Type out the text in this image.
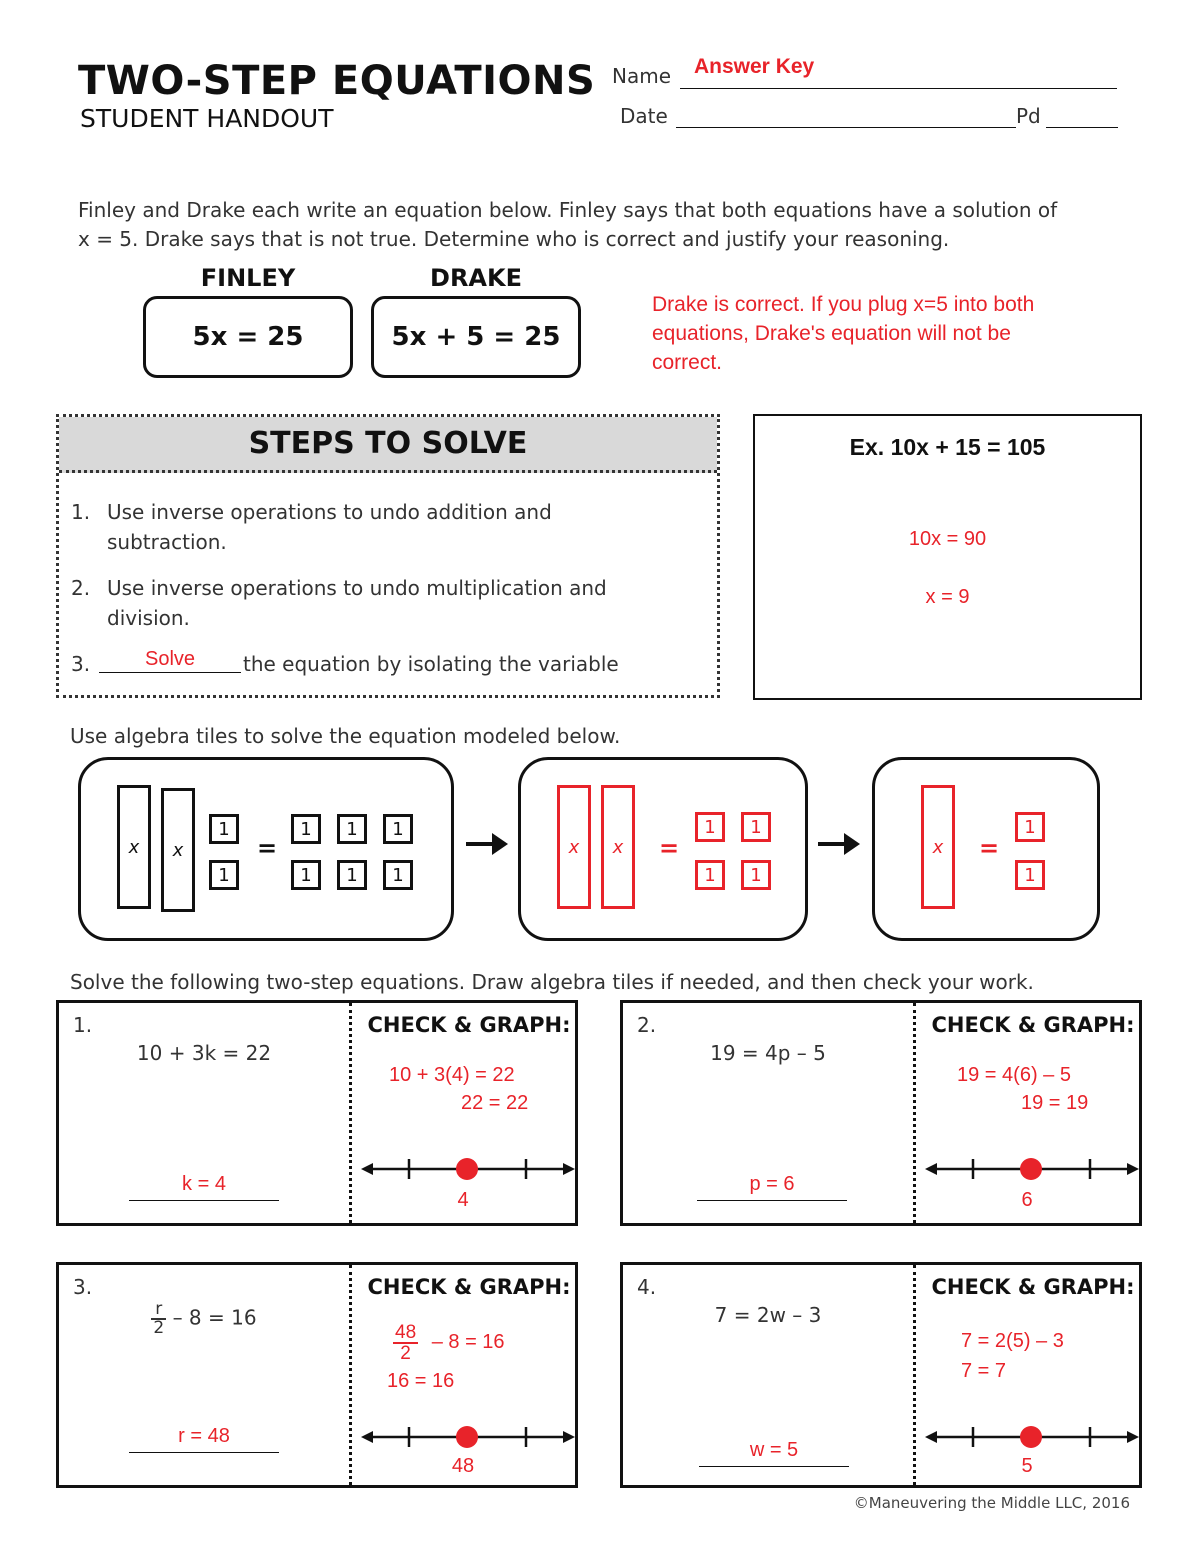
TWO-STEP EQUATIONS
STUDENT HANDOUT
Name Answer Key
Date	Pd
Finley and Drake each write an equation below. Finley says that both equations have a solution of
x = 5. Drake says that is not true. Determine who is correct and justify your reasoning.
FINLEY
5x = 25
DRAKE
5x + 5 = 25
Drake is correct. If you plug x=5 into both
equations, Drake's equation will not be
correct.
STEPS TO SOLVE
1. Use inverse operations to undo addition and
subtraction.
2. Use inverse operations to undo multiplication and
division.
3.	Solve	the equation by isolating the variable
Ex. 10x + 15 = 105
10x = 90
x = 9
Use algebra tiles to solve the equation modeled below.
x x
1
1
=
1 1 1
1 1 1
x x =
1 1
1 1
x =
1
1
Solve the following two-step equations. Draw algebra tiles if needed, and then check your work.
1.
10 + 3k = 22
k = 4
CHECK & GRAPH:
10 + 3(4) = 22
22 = 22
4
2.
19 = 4p – 5
p = 6
CHECK & GRAPH:
19 = 4(6) – 5
19 = 19
6
3.
$\frac{r}{2} - 8 = 16$
r = 48
CHECK & GRAPH:
$\frac{48}{2} - 8 = 16$
16 = 16
48
4.
7 = 2w – 3
w = 5
CHECK & GRAPH:
7 = 2(5) – 3
7 = 7
5
©Maneuvering the Middle LLC, 2016
